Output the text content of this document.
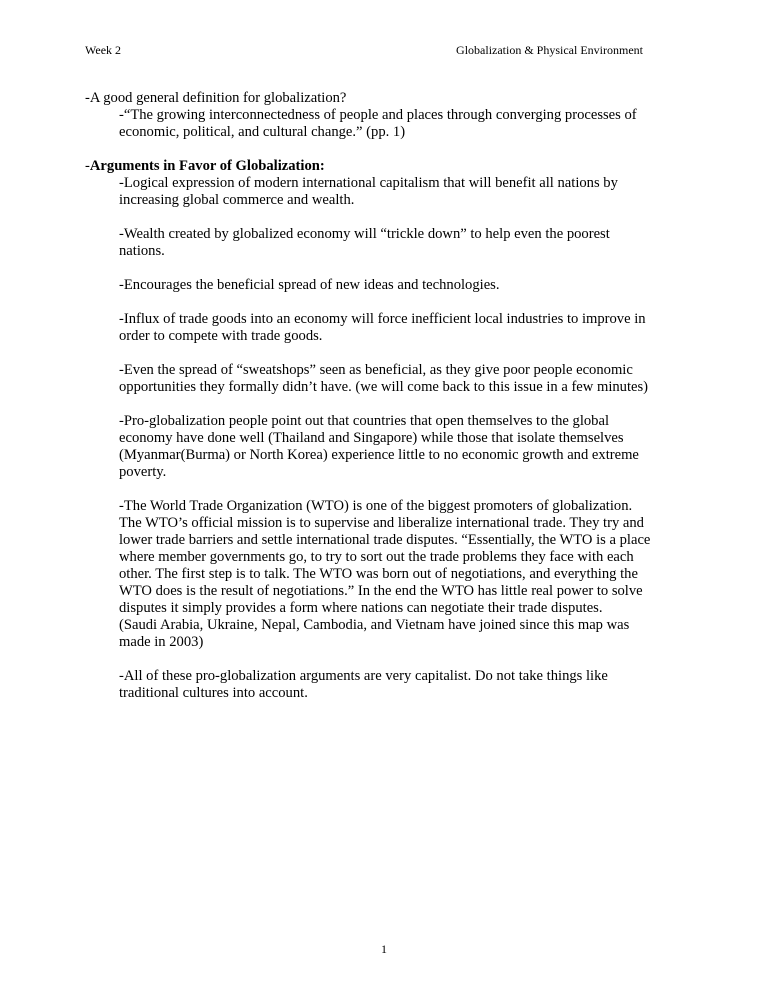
Week 2	Globalization & Physical Environment

-A good general definition for globalization?

-“The growing interconnectedness of people and places through converging processes of economic, political, and cultural change.” (pp. 1)

-Arguments in Favor of Globalization:

-Logical expression of modern international capitalism that will benefit all nations by increasing global commerce and wealth.

-Wealth created by globalized economy will “trickle down” to help even the poorest nations.

-Encourages the beneficial spread of new ideas and technologies.

-Influx of trade goods into an economy will force inefficient local industries to improve in order to compete with trade goods.

-Even the spread of “sweatshops” seen as beneficial, as they give poor people economic opportunities they formally didn’t have. (we will come back to this issue in a few minutes)

-Pro-globalization people point out that countries that open themselves to the global economy have done well (Thailand and Singapore) while those that isolate themselves (Myanmar(Burma) or North Korea) experience little to no economic growth and extreme poverty.

-The World Trade Organization (WTO) is one of the biggest promoters of globalization. The WTO’s official mission is to supervise and liberalize international trade. They try and lower trade barriers and settle international trade disputes. “Essentially, the WTO is a place where member governments go, to try to sort out the trade problems they face with each other. The first step is to talk. The WTO was born out of negotiations, and everything the WTO does is the result of negotiations.” In the end the WTO has little real power to solve disputes it simply provides a form where nations can negotiate their trade disputes.

(Saudi Arabia, Ukraine, Nepal, Cambodia, and Vietnam have joined since this map was made in 2003)

-All of these pro-globalization arguments are very capitalist. Do not take things like traditional cultures into account.

1
